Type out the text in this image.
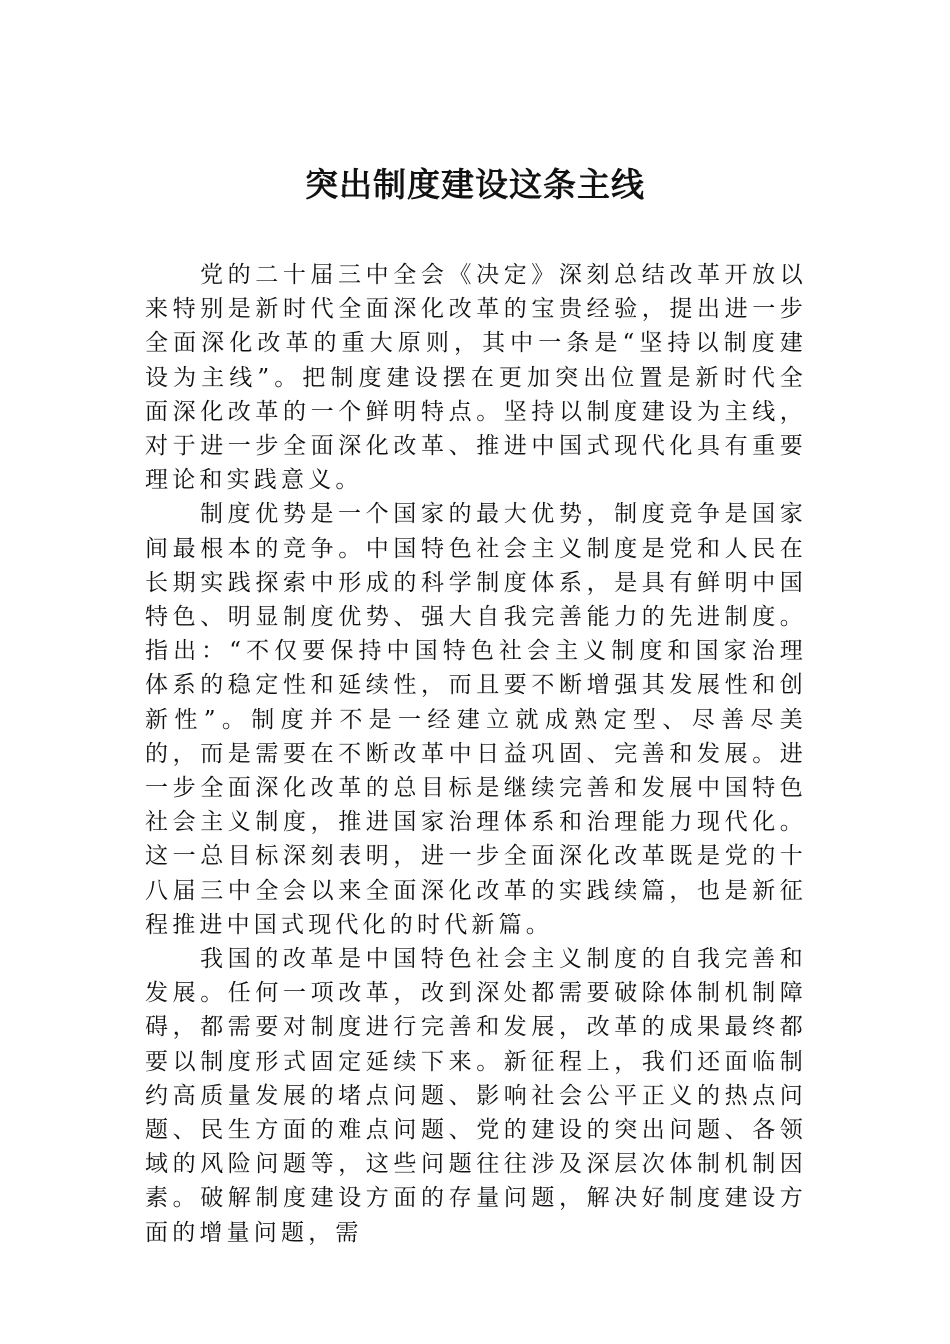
突出制度建设这条主线

党的二十届三中全会《决定》深刻总结改革开放以来特别是新时代全面深化改革的宝贵经验，提出进一步全面深化改革的重大原则，其中一条是“坚持以制度建设为主线”。把制度建设摆在更加突出位置是新时代全面深化改革的一个鲜明特点。坚持以制度建设为主线，对于进一步全面深化改革、推进中国式现代化具有重要理论和实践意义。

制度优势是一个国家的最大优势，制度竞争是国家间最根本的竞争。中国特色社会主义制度是党和人民在长期实践探索中形成的科学制度体系，是具有鲜明中国特色、明显制度优势、强大自我完善能力的先进制度。指出：“不仅要保持中国特色社会主义制度和国家治理体系的稳定性和延续性，而且要不断增强其发展性和创新性”。制度并不是一经建立就成熟定型、尽善尽美的，而是需要在不断改革中日益巩固、完善和发展。进一步全面深化改革的总目标是继续完善和发展中国特色社会主义制度，推进国家治理体系和治理能力现代化。这一总目标深刻表明，进一步全面深化改革既是党的十八届三中全会以来全面深化改革的实践续篇，也是新征程推进中国式现代化的时代新篇。

我国的改革是中国特色社会主义制度的自我完善和发展。任何一项改革，改到深处都需要破除体制机制障碍，都需要对制度进行完善和发展，改革的成果最终都要以制度形式固定延续下来。新征程上，我们还面临制约高质量发展的堵点问题、影响社会公平正义的热点问题、民生方面的难点问题、党的建设的突出问题、各领域的风险问题等，这些问题往往涉及深层次体制机制因素。破解制度建设方面的存量问题，解决好制度建设方面的增量问题，需
